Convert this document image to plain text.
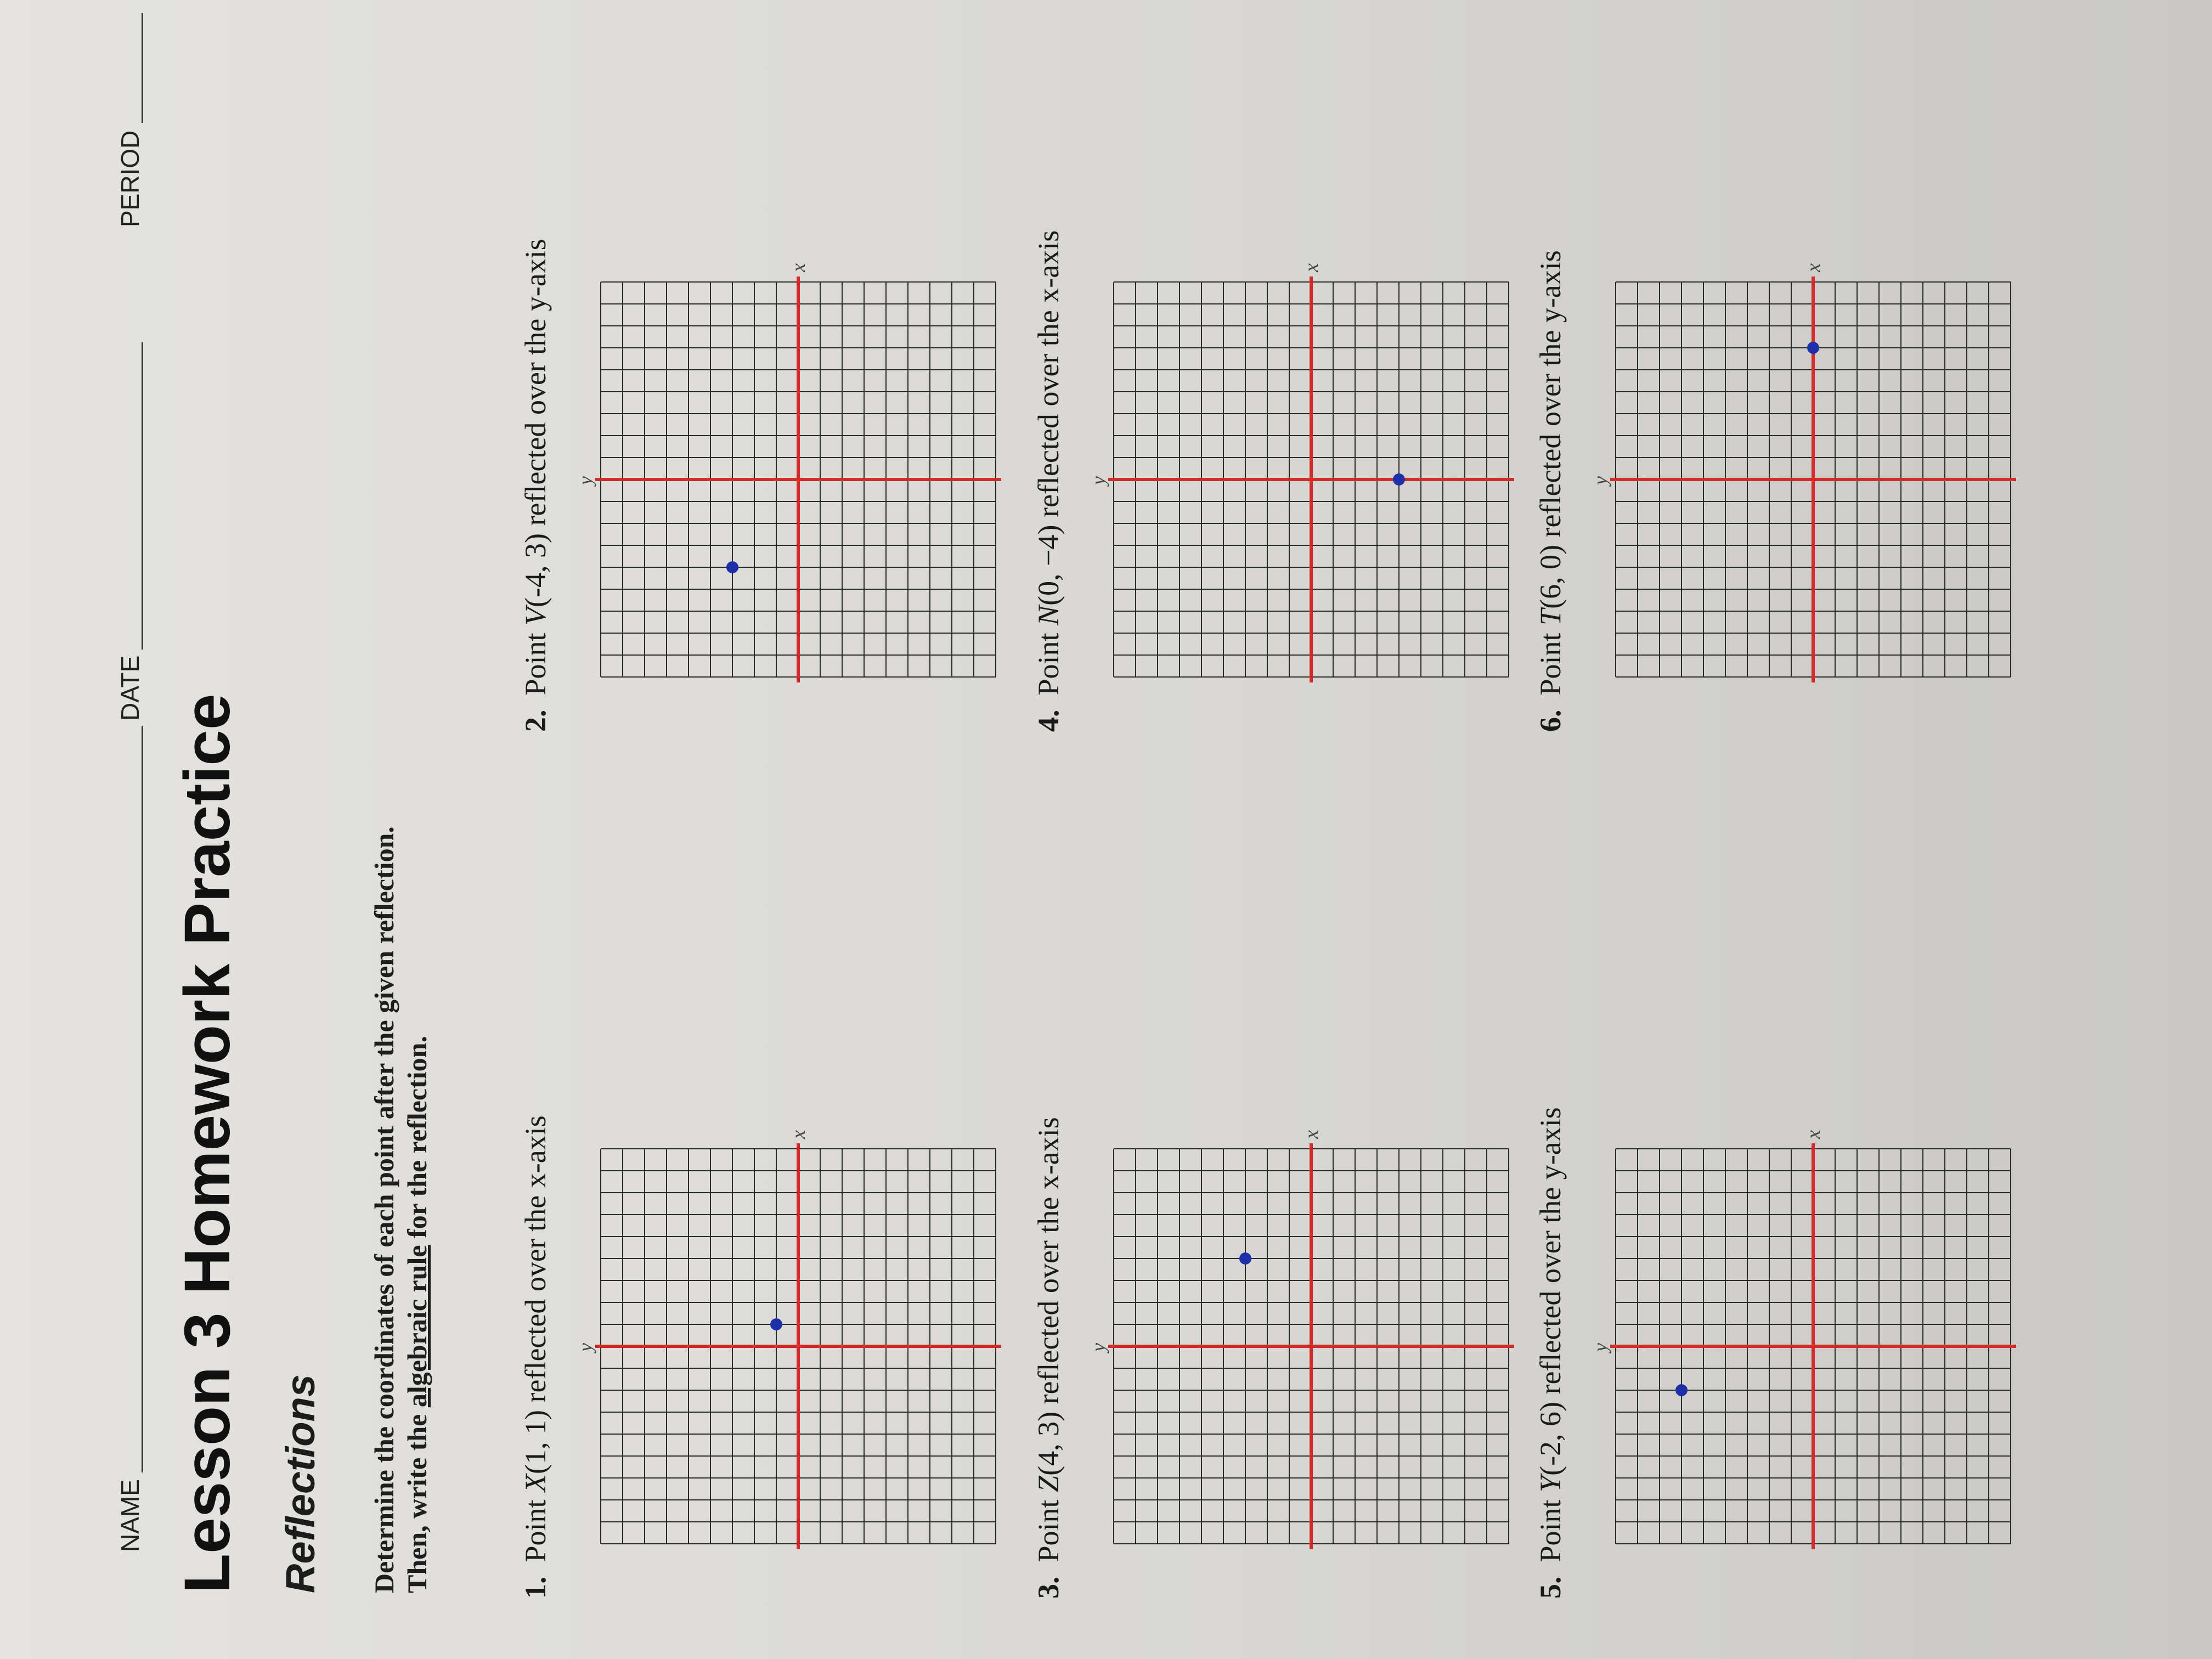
NAME
DATE
PERIOD
Lesson 3 Homework Practice Reflections Determine the coordinates of each point after the given reflection. Then, write the algebraic rule for the reflection.
1.Point X(1, 1) reflected over the x-axis	x
y
2.Point V(-4, 3) reflected over the y-axis	x
y
3.Point Z(4, 3) reflected over the x-axis	x
y
4.Point N(0, −4) reflected over the x-axis	x
y
5.Point Y(-2, 6) reflected over the y-axis	x
y
6.Point T(6, 0) reflected over the y-axis	x
y
